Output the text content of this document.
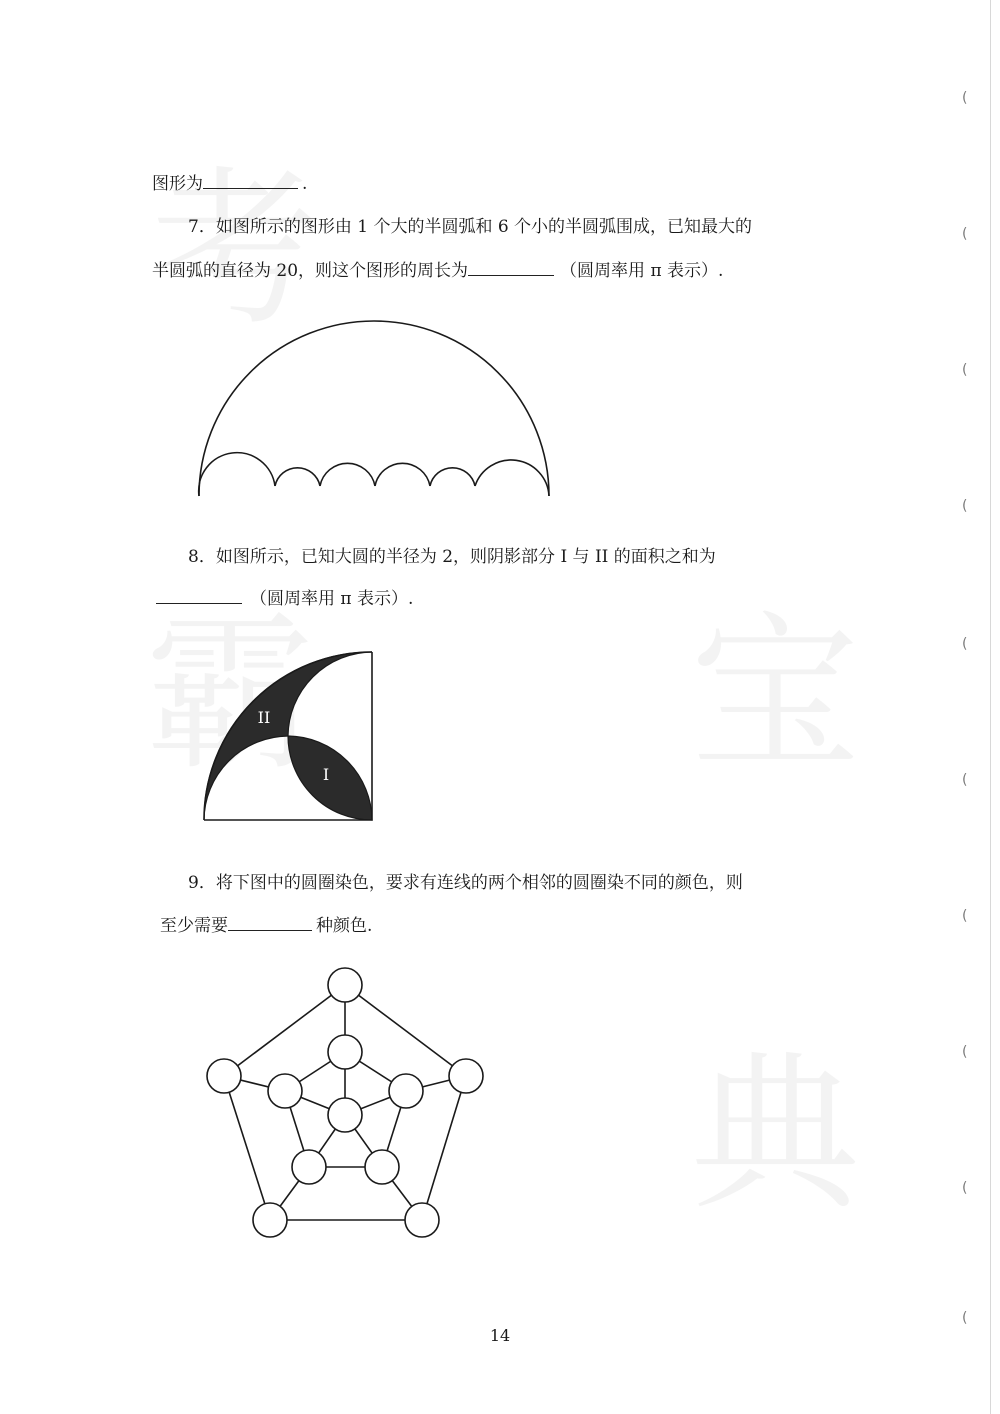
(
(
(
(
(
(
(
(
(
(
图形为	.
7．如图所示的图形由 1 个大的半圆弧和 6 个小的半圆弧围成，已知最大的
半圆弧的直径为 20，则这个图形的周长为	（圆周率用 π 表示）.
8．如图所示，已知大圆的半径为 2，则阴影部分 I 与 II 的面积之和为
（圆周率用 π 表示）.
II
I
9．将下图中的圆圈染色，要求有连线的两个相邻的圆圈染不同的颜色，则
至少需要	种颜色.
14
